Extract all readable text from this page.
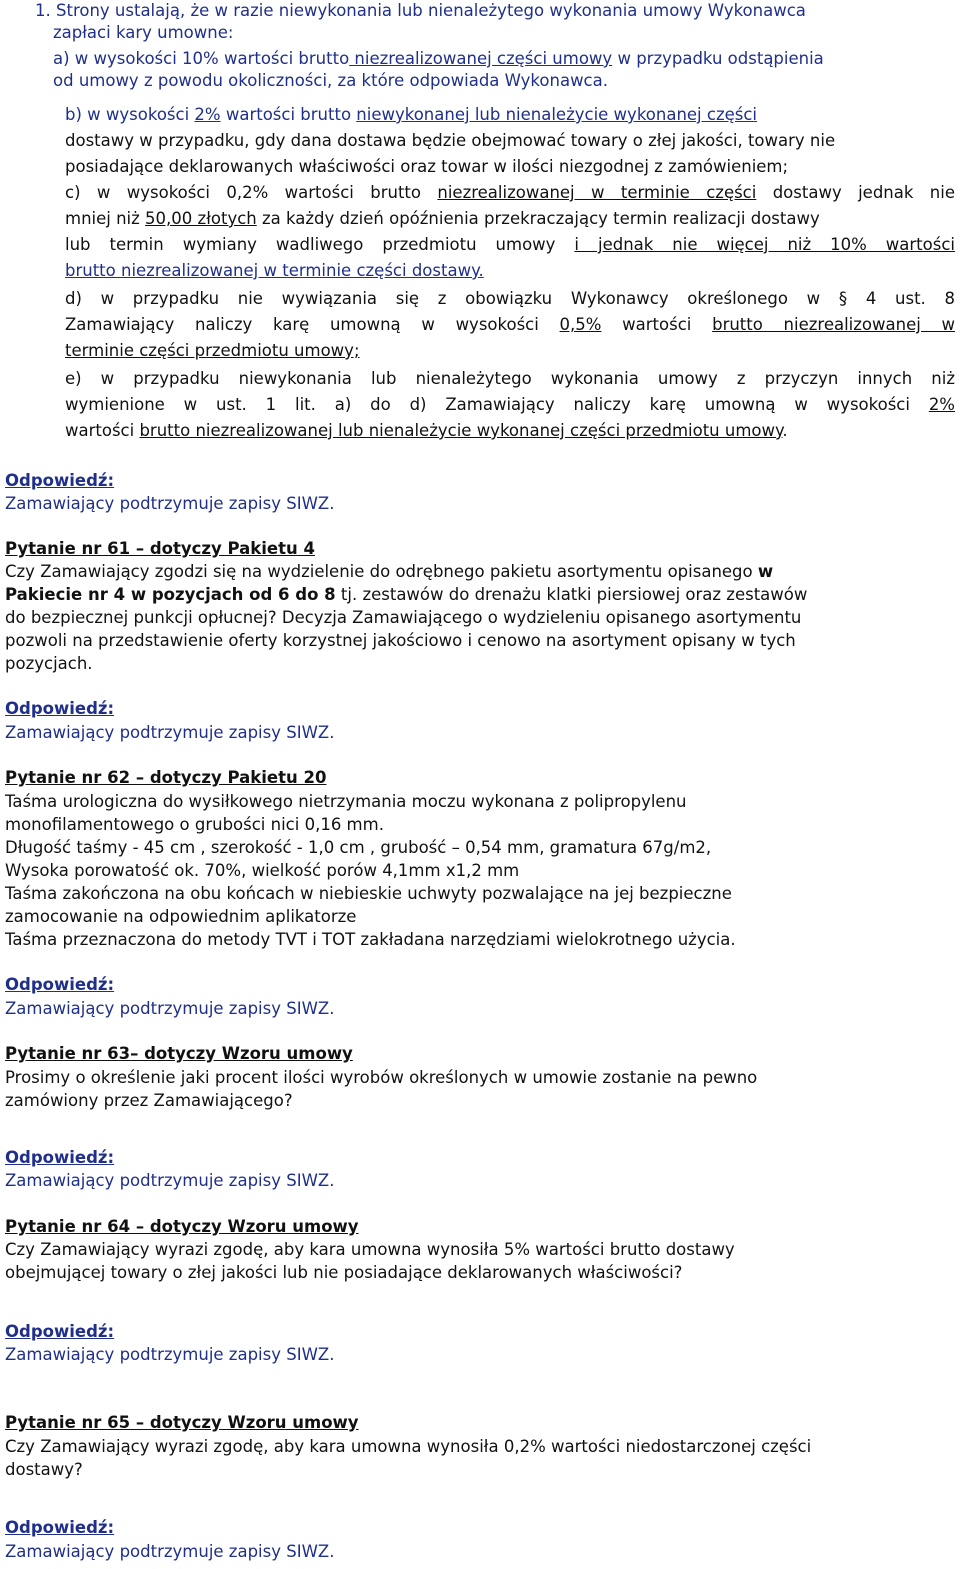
1. Strony ustalają, że w razie niewykonania lub nienależytego wykonania umowy Wykonawca
zapłaci kary umowne:
a) w wysokości 10% wartości brutto niezrealizowanej części umowy w przypadku odstąpienia
od umowy z powodu okoliczności, za które odpowiada Wykonawca.
b) w wysokości 2% wartości brutto niewykonanej lub nienależycie wykonanej części
dostawy w przypadku, gdy dana dostawa będzie obejmować towary o złej jakości, towary nie
posiadające deklarowanych właściwości oraz towar w ilości niezgodnej z zamówieniem;
c) w wysokości 0,2% wartości brutto niezrealizowanej w terminie części dostawy jednak nie
mniej niż 50,00 złotych za każdy dzień opóźnienia przekraczający termin realizacji dostawy
lub termin wymiany wadliwego przedmiotu umowy i jednak nie więcej niż 10% wartości
brutto niezrealizowanej w terminie części dostawy.
d) w przypadku nie wywiązania się z obowiązku Wykonawcy określonego w § 4 ust. 8
Zamawiający naliczy karę umowną w wysokości 0,5% wartości brutto niezrealizowanej w
terminie części przedmiotu umowy;
e) w przypadku niewykonania lub nienależytego wykonania umowy z przyczyn innych niż
wymienione w ust. 1 lit. a) do d) Zamawiający naliczy karę umowną w wysokości 2%
wartości brutto niezrealizowanej lub nienależycie wykonanej części przedmiotu umowy.
Odpowiedź:
Zamawiający podtrzymuje zapisy SIWZ.
Pytanie nr 61 – dotyczy Pakietu 4
Czy Zamawiający zgodzi się na wydzielenie do odrębnego pakietu asortymentu opisanego w
Pakiecie nr 4 w pozycjach od 6 do 8 tj. zestawów do drenażu klatki piersiowej oraz zestawów
do bezpiecznej punkcji opłucnej? Decyzja Zamawiającego o wydzieleniu opisanego asortymentu
pozwoli na przedstawienie oferty korzystnej jakościowo i cenowo na asortyment opisany w tych
pozycjach.
Odpowiedź:
Zamawiający podtrzymuje zapisy SIWZ.
Pytanie nr 62 – dotyczy Pakietu 20
Taśma urologiczna do wysiłkowego nietrzymania moczu wykonana z polipropylenu
monofilamentowego o grubości nici 0,16 mm.
Długość taśmy - 45 cm , szerokość - 1,0 cm , grubość – 0,54 mm, gramatura 67g/m2,
Wysoka porowatość ok. 70%, wielkość porów 4,1mm x1,2 mm
Taśma zakończona na obu końcach w niebieskie uchwyty pozwalające na jej bezpieczne
zamocowanie na odpowiednim aplikatorze
Taśma przeznaczona do metody TVT i TOT zakładana narzędziami wielokrotnego użycia.
Odpowiedź:
Zamawiający podtrzymuje zapisy SIWZ.
Pytanie nr 63– dotyczy Wzoru umowy
Prosimy o określenie jaki procent ilości wyrobów określonych w umowie zostanie na pewno
zamówiony przez Zamawiającego?
Odpowiedź:
Zamawiający podtrzymuje zapisy SIWZ.
Pytanie nr 64 – dotyczy Wzoru umowy
Czy Zamawiający wyrazi zgodę, aby kara umowna wynosiła 5% wartości brutto dostawy
obejmującej towary o złej jakości lub nie posiadające deklarowanych właściwości?
Odpowiedź:
Zamawiający podtrzymuje zapisy SIWZ.
Pytanie nr 65 – dotyczy Wzoru umowy
Czy Zamawiający wyrazi zgodę, aby kara umowna wynosiła 0,2% wartości niedostarczonej części
dostawy?
Odpowiedź:
Zamawiający podtrzymuje zapisy SIWZ.
